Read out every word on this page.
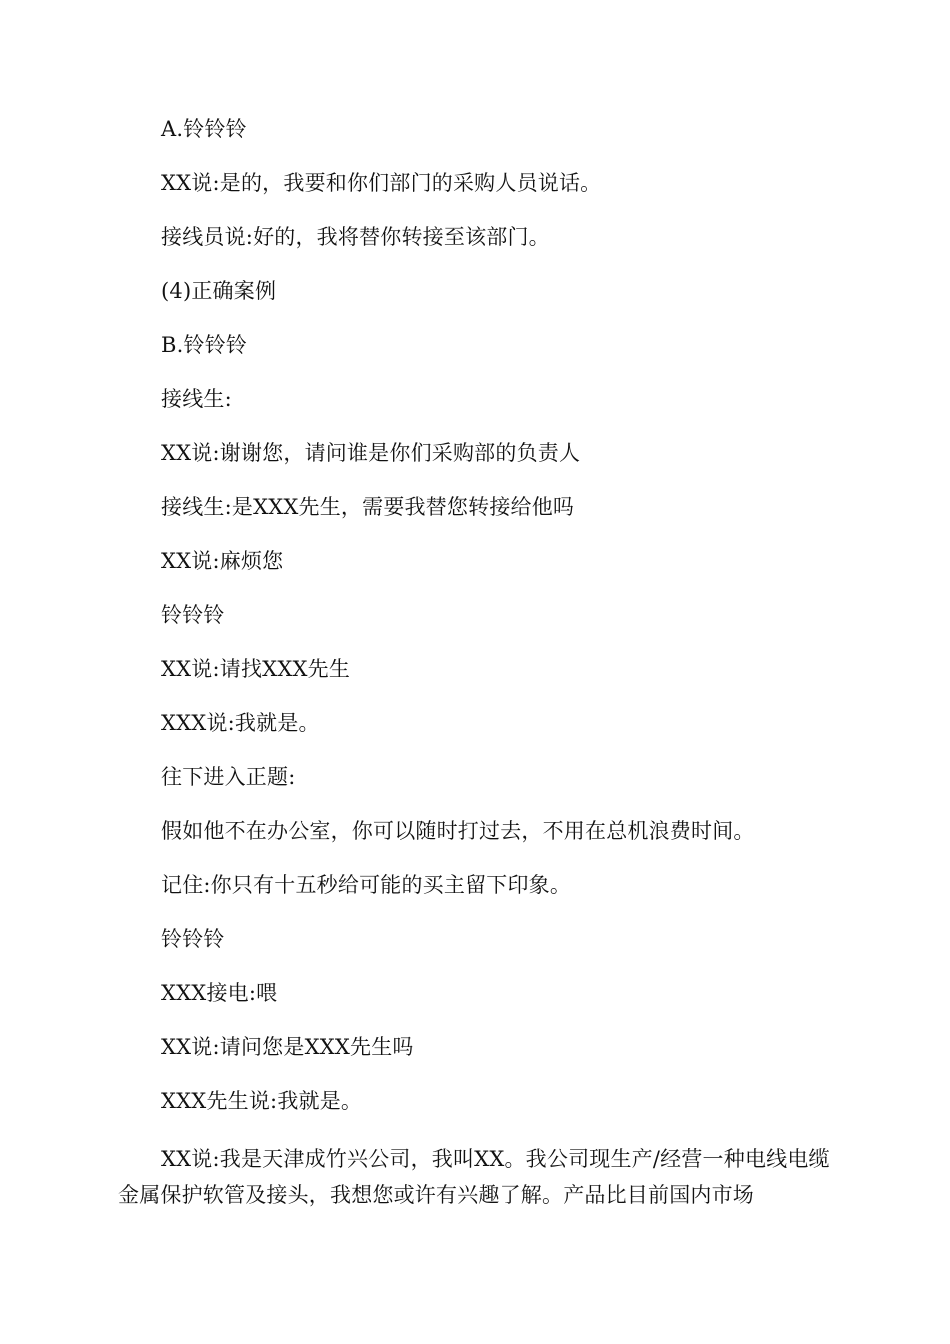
A.铃铃铃
XX说:是的，我要和你们部门的采购人员说话。
接线员说:好的，我将替你转接至该部门。
(4)正确案例
B.铃铃铃
接线生:
XX说:谢谢您，请问谁是你们采购部的负责人
接线生:是XXX先生，需要我替您转接给他吗
XX说:麻烦您
铃铃铃
XX说:请找XXX先生
XXX说:我就是。
往下进入正题:
假如他不在办公室，你可以随时打过去，不用在总机浪费时间。
记住:你只有十五秒给可能的买主留下印象。
铃铃铃
XXX接电:喂
XX说:请问您是XXX先生吗
XXX先生说:我就是。
XX说:我是天津成竹兴公司，我叫XX。我公司现生产/经营一种电线电缆金属保护软管及接头，我想您或许有兴趣了解。产品比目前国内市场
